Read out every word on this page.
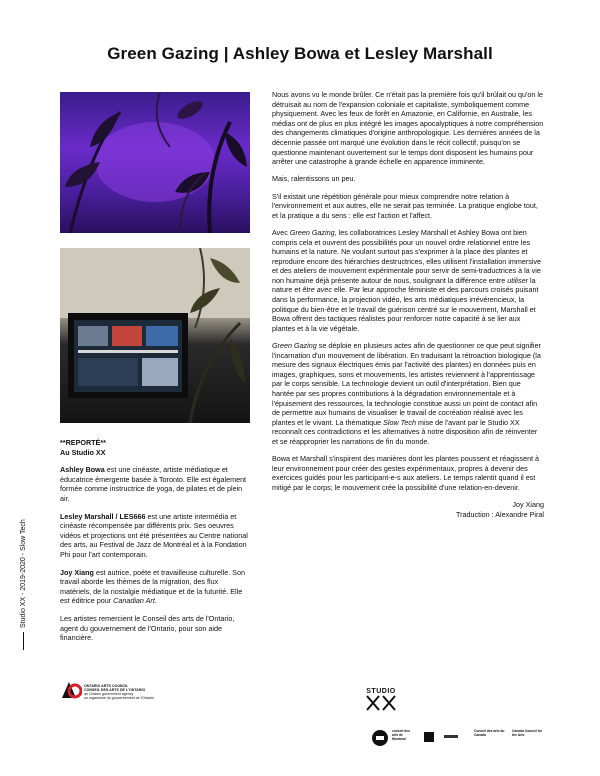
Green Gazing | Ashley Bowa et Lesley Marshall
Studio XX - 2019-2020 - Slow Tech

**REPORTÉ**
Au Studio XX

Ashley Bowa est une cinéaste, artiste médiatique et éducatrice émergente basée à Toronto. Elle est également formée comme instructrice de yoga, de pilates et de plein air.

Lesley Marshall / LES666 est une artiste intermédia et cinéaste récompensée par différents prix. Ses oeuvres vidéos et projections ont été présentées au Centre national des arts, au Festival de Jazz de Montréal et à la Fondation Phi pour l'art contemporain.

Joy Xiang est autrice, poète et travailleuse culturelle. Son travail aborde les thèmes de la migration, des flux matériels, de la nostalgie médiatique et de la futurité. Elle est éditrice pour Canadian Art.

Les artistes remercient le Conseil des arts de l'Ontario, agent du gouvernement de l'Ontario, pour son aide financière.

Nous avons vu le monde brûler. Ce n'était pas la première fois qu'il brûlait ou qu'on le détruisait au nom de l'expansion coloniale et capitaliste, symboliquement comme physiquement. Avec les feux de forêt en Amazonie, en Californie, en Australie, les médias ont de plus en plus intégré les images apocalyptiques à notre compréhension des changements climatiques d'origine anthropologique. Les dernières années de la décennie passée ont marqué une évolution dans le récit collectif, puisqu'on se questionne maintenant ouvertement sur le temps dont disposent les humains pour arrêter une catastrophe à grande échelle en apparence imminente.

Mais, ralentissons un peu.

S'il existait une répétition générale pour mieux comprendre notre relation à l'environnement et aux autres, elle ne serait pas terminée. La pratique englobe tout, et la pratique a du sens : elle est l'action et l'affect.

Avec Green Gazing, les collaboratrices Lesley Marshall et Ashley Bowa ont bien compris cela et ouvrent des possibilités pour un nouvel ordre relationnel entre les humains et la nature. Ne voulant surtout pas s'exprimer à la place des plantes et reproduire encore des hiérarchies destructrices, elles utilisent l'installation immersive et des ateliers de mouvement expérimentale pour servir de semi-traductrices à la vie non humaine déjà présente autour de nous, soulignant la différence entre utiliser la nature et être avec elle. Par leur approche féministe et des parcours croisés puisant dans la performance, la projection vidéo, les arts médiatiques irrévérencieux, la politique du bien-être et le travail de guérison centré sur le mouvement, Marshall et Bowa offrent des tactiques réalistes pour renforcer notre capacité à se lier aux plantes et à la vie végétale.

Green Gazing se déploie en plusieurs actes afin de questionner ce que peut signifier l'incarnation d'un mouvement de libération. En traduisant la rétroaction biologique (la mesure des signaux électriques émis par l'activité des plantes) en données puis en images, graphiques, sons et mouvements, les artistes reviennent à l'apprentissage par le corps sensible. La technologie devient un outil d'interprétation. Bien que hantée par ses propres contributions à la dégradation environnementale et à l'épuisement des ressources, la technologie constitue aussi un point de contact afin de permettre aux humains de visualiser le travail de cocréation réalisé avec les plantes et le vivant. La thématique Slow Tech mise de l'avant par le Studio XX reconnaît ces contradictions et les alternatives à notre disposition afin de réinventer et se réapproprier les narrations de fin du monde.

Bowa et Marshall s'inspirent des manières dont les plantes poussent et réagissent à leur environnement pour créer des gestes expérimentaux, propres à devenir des exercices guidés pour les participant-e-s aux ateliers. Le temps ralentit quand il est mitigé par le corps; le mouvement crée la possibilité d'une relation-en-devenir.

Joy Xiang
Traduction : Alexandre Piral
ONTARIO ARTS COUNCIL
CONSEIL DES ARTS DE L'ONTARIO
an Ontario government agency
un organisme du gouvernement de l'Ontario
STUDIO
conseil des arts de Montréal
Conseil des arts du Canada
Canada Council for the Arts
